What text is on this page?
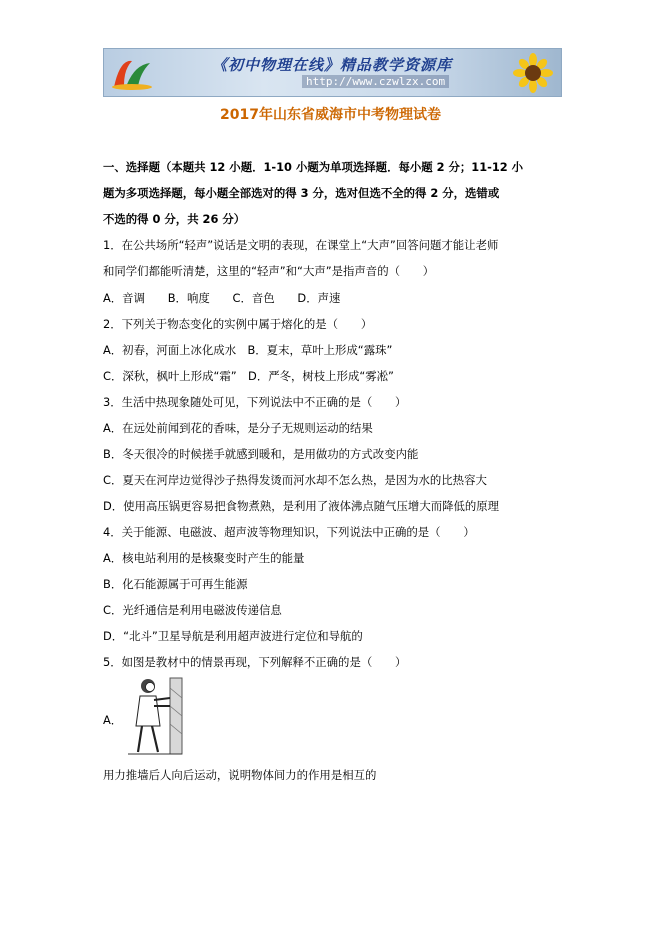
《初中物理在线》精品教学资源库
http://www.czwlzx.com
2017年山东省威海市中考物理试卷
一、选择题（本题共 12 小题．1-10 小题为单项选择题．每小题 2 分；11-12 小
题为多项选择题，每小题全部选对的得 3 分，选对但选不全的得 2 分，选错或
不选的得 0 分，共 26 分）
1．在公共场所“轻声”说话是文明的表现，在课堂上“大声”回答问题才能让老师
和同学们都能听清楚，这里的“轻声”和“大声”是指声音的（　　）
A．音调　　B．响度　　C．音色　　D．声速
2．下列关于物态变化的实例中属于熔化的是（　　）
A．初春，河面上冰化成水　B．夏末，草叶上形成“露珠”
C．深秋，枫叶上形成“霜”　D．严冬，树枝上形成“雾凇”
3．生活中热现象随处可见，下列说法中不正确的是（　　）
A．在远处前闻到花的香味，是分子无规则运动的结果
B．冬天很冷的时候搓手就感到暖和，是用做功的方式改变内能
C．夏天在河岸边觉得沙子热得发烫而河水却不怎么热，是因为水的比热容大
D．使用高压锅更容易把食物煮熟，是利用了液体沸点随气压增大而降低的原理
4．关于能源、电磁波、超声波等物理知识，下列说法中正确的是（　　）
A．核电站利用的是核聚变时产生的能量
B．化石能源属于可再生能源
C．光纤通信是利用电磁波传递信息
D．“北斗”卫星导航是利用超声波进行定位和导航的
5．如图是教材中的情景再现，下列解释不正确的是（　　）
A．
用力推墙后人向后运动，说明物体间力的作用是相互的
